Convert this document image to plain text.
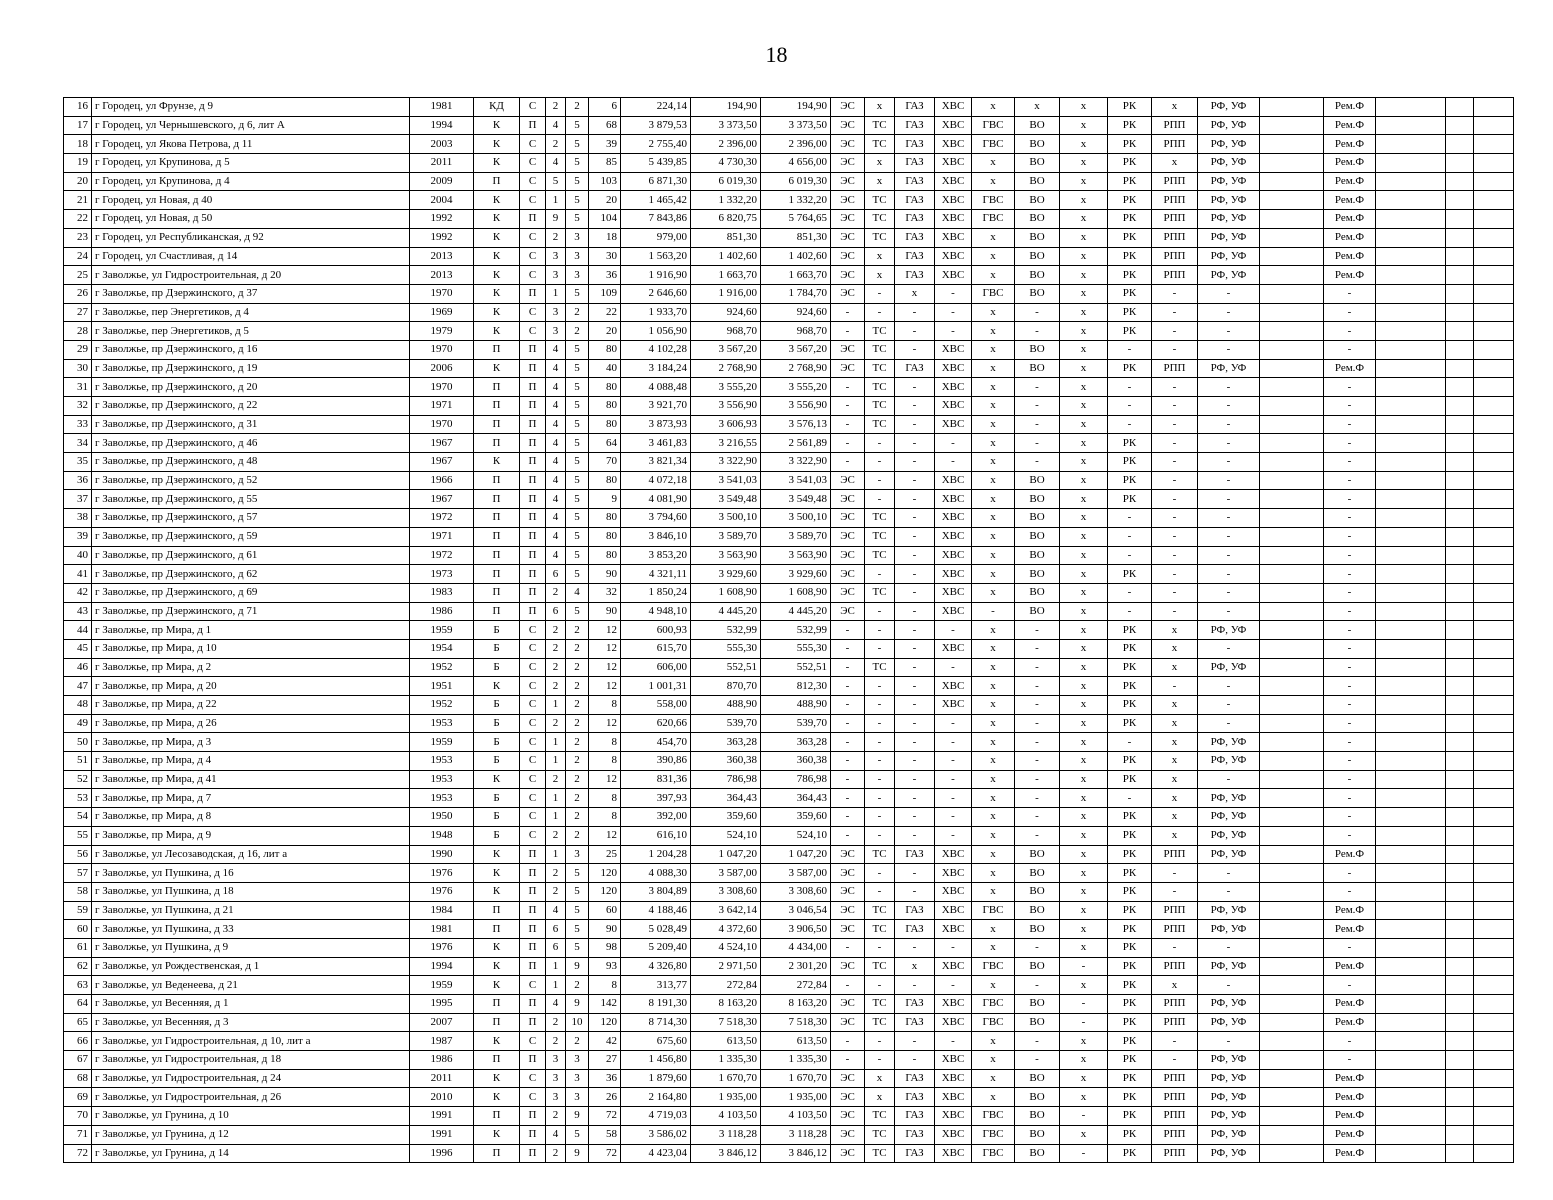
18
16	г Городец, ул Фрунзе, д 9	1981	КД	С	2	2	6	224,14	194,90	194,90	ЭС	х	ГАЗ	ХВС	х	х	х	РК	х	РФ, УФ		Рем.Ф			
17	г Городец, ул Чернышевского, д 6, лит А	1994	К	П	4	5	68	3 879,53	3 373,50	3 373,50	ЭС	ТС	ГАЗ	ХВС	ГВС	ВО	х	РК	РПП	РФ, УФ		Рем.Ф			
18	г Городец, ул Якова Петрова, д 11	2003	К	С	2	5	39	2 755,40	2 396,00	2 396,00	ЭС	ТС	ГАЗ	ХВС	ГВС	ВО	х	РК	РПП	РФ, УФ		Рем.Ф			
19	г Городец, ул Крупинова, д 5	2011	К	С	4	5	85	5 439,85	4 730,30	4 656,00	ЭС	х	ГАЗ	ХВС	х	ВО	х	РК	х	РФ, УФ		Рем.Ф			
20	г Городец, ул Крупинова, д 4	2009	П	С	5	5	103	6 871,30	6 019,30	6 019,30	ЭС	х	ГАЗ	ХВС	х	ВО	х	РК	РПП	РФ, УФ		Рем.Ф			
21	г Городец, ул Новая, д 40	2004	К	С	1	5	20	1 465,42	1 332,20	1 332,20	ЭС	ТС	ГАЗ	ХВС	ГВС	ВО	х	РК	РПП	РФ, УФ		Рем.Ф			
22	г Городец, ул Новая, д 50	1992	К	П	9	5	104	7 843,86	6 820,75	5 764,65	ЭС	ТС	ГАЗ	ХВС	ГВС	ВО	х	РК	РПП	РФ, УФ		Рем.Ф			
23	г Городец, ул Республиканская, д 92	1992	К	С	2	3	18	979,00	851,30	851,30	ЭС	ТС	ГАЗ	ХВС	х	ВО	х	РК	РПП	РФ, УФ		Рем.Ф			
24	г Городец, ул Счастливая, д 14	2013	К	С	3	3	30	1 563,20	1 402,60	1 402,60	ЭС	х	ГАЗ	ХВС	х	ВО	х	РК	РПП	РФ, УФ		Рем.Ф			
25	г Заволжье, ул Гидростроительная, д 20	2013	К	С	3	3	36	1 916,90	1 663,70	1 663,70	ЭС	х	ГАЗ	ХВС	х	ВО	х	РК	РПП	РФ, УФ		Рем.Ф			
26	г Заволжье, пр Дзержинского, д 37	1970	К	П	1	5	109	2 646,60	1 916,00	1 784,70	ЭС	-	х	-	ГВС	ВО	х	РК	-	-		-			
27	г Заволжье, пер Энергетиков, д 4	1969	К	С	3	2	22	1 933,70	924,60	924,60	-	-	-	-	х	-	х	РК	-	-		-			
28	г Заволжье, пер Энергетиков, д 5	1979	К	С	3	2	20	1 056,90	968,70	968,70	-	ТС	-	-	х	-	х	РК	-	-		-			
29	г Заволжье, пр Дзержинского, д 16	1970	П	П	4	5	80	4 102,28	3 567,20	3 567,20	ЭС	ТС	-	ХВС	х	ВО	х	-	-	-		-			
30	г Заволжье, пр Дзержинского, д 19	2006	К	П	4	5	40	3 184,24	2 768,90	2 768,90	ЭС	ТС	ГАЗ	ХВС	х	ВО	х	РК	РПП	РФ, УФ		Рем.Ф			
31	г Заволжье, пр Дзержинского, д 20	1970	П	П	4	5	80	4 088,48	3 555,20	3 555,20	-	ТС	-	ХВС	х	-	х	-	-	-		-			
32	г Заволжье, пр Дзержинского, д 22	1971	П	П	4	5	80	3 921,70	3 556,90	3 556,90	-	ТС	-	ХВС	х	-	х	-	-	-		-			
33	г Заволжье, пр Дзержинского, д 31	1970	П	П	4	5	80	3 873,93	3 606,93	3 576,13	-	ТС	-	ХВС	х	-	х	-	-	-		-			
34	г Заволжье, пр Дзержинского, д 46	1967	П	П	4	5	64	3 461,83	3 216,55	2 561,89	-	-	-	-	х	-	х	РК	-	-		-			
35	г Заволжье, пр Дзержинского, д 48	1967	К	П	4	5	70	3 821,34	3 322,90	3 322,90	-	-	-	-	х	-	х	РК	-	-		-			
36	г Заволжье, пр Дзержинского, д 52	1966	П	П	4	5	80	4 072,18	3 541,03	3 541,03	ЭС	-	-	ХВС	х	ВО	х	РК	-	-		-			
37	г Заволжье, пр Дзержинского, д 55	1967	П	П	4	5	9	4 081,90	3 549,48	3 549,48	ЭС	-	-	ХВС	х	ВО	х	РК	-	-		-			
38	г Заволжье, пр Дзержинского, д 57	1972	П	П	4	5	80	3 794,60	3 500,10	3 500,10	ЭС	ТС	-	ХВС	х	ВО	х	-	-	-		-			
39	г Заволжье, пр Дзержинского, д 59	1971	П	П	4	5	80	3 846,10	3 589,70	3 589,70	ЭС	ТС	-	ХВС	х	ВО	х	-	-	-		-			
40	г Заволжье, пр Дзержинского, д 61	1972	П	П	4	5	80	3 853,20	3 563,90	3 563,90	ЭС	ТС	-	ХВС	х	ВО	х	-	-	-		-			
41	г Заволжье, пр Дзержинского, д 62	1973	П	П	6	5	90	4 321,11	3 929,60	3 929,60	ЭС	-	-	ХВС	х	ВО	х	РК	-	-		-			
42	г Заволжье, пр Дзержинского, д 69	1983	П	П	2	4	32	1 850,24	1 608,90	1 608,90	ЭС	ТС	-	ХВС	х	ВО	х	-	-	-		-			
43	г Заволжье, пр Дзержинского, д 71	1986	П	П	6	5	90	4 948,10	4 445,20	4 445,20	ЭС	-	-	ХВС	-	ВО	х	-	-	-		-			
44	г Заволжье, пр Мира, д 1	1959	Б	С	2	2	12	600,93	532,99	532,99	-	-	-	-	х	-	х	РК	х	РФ, УФ		-			
45	г Заволжье, пр Мира, д 10	1954	Б	С	2	2	12	615,70	555,30	555,30	-	-	-	ХВС	х	-	х	РК	х	-		-			
46	г Заволжье, пр Мира, д 2	1952	Б	С	2	2	12	606,00	552,51	552,51	-	ТС	-	-	х	-	х	РК	х	РФ, УФ		-			
47	г Заволжье, пр Мира, д 20	1951	К	С	2	2	12	1 001,31	870,70	812,30	-	-	-	ХВС	х	-	х	РК	-	-		-			
48	г Заволжье, пр Мира, д 22	1952	Б	С	1	2	8	558,00	488,90	488,90	-	-	-	ХВС	х	-	х	РК	х	-		-			
49	г Заволжье, пр Мира, д 26	1953	Б	С	2	2	12	620,66	539,70	539,70	-	-	-	-	х	-	х	РК	х	-		-			
50	г Заволжье, пр Мира, д 3	1959	Б	С	1	2	8	454,70	363,28	363,28	-	-	-	-	х	-	х	-	х	РФ, УФ		-			
51	г Заволжье, пр Мира, д 4	1953	Б	С	1	2	8	390,86	360,38	360,38	-	-	-	-	х	-	х	РК	х	РФ, УФ		-			
52	г Заволжье, пр Мира, д 41	1953	К	С	2	2	12	831,36	786,98	786,98	-	-	-	-	х	-	х	РК	х	-		-			
53	г Заволжье, пр Мира, д 7	1953	Б	С	1	2	8	397,93	364,43	364,43	-	-	-	-	х	-	х	-	х	РФ, УФ		-			
54	г Заволжье, пр Мира, д 8	1950	Б	С	1	2	8	392,00	359,60	359,60	-	-	-	-	х	-	х	РК	х	РФ, УФ		-			
55	г Заволжье, пр Мира, д 9	1948	Б	С	2	2	12	616,10	524,10	524,10	-	-	-	-	х	-	х	РК	х	РФ, УФ		-			
56	г Заволжье, ул Лесозаводская, д 16, лит а	1990	К	П	1	3	25	1 204,28	1 047,20	1 047,20	ЭС	ТС	ГАЗ	ХВС	х	ВО	х	РК	РПП	РФ, УФ		Рем.Ф			
57	г Заволжье, ул Пушкина, д 16	1976	К	П	2	5	120	4 088,30	3 587,00	3 587,00	ЭС	-	-	ХВС	х	ВО	х	РК	-	-		-			
58	г Заволжье, ул Пушкина, д 18	1976	К	П	2	5	120	3 804,89	3 308,60	3 308,60	ЭС	-	-	ХВС	х	ВО	х	РК	-	-		-			
59	г Заволжье, ул Пушкина, д 21	1984	П	П	4	5	60	4 188,46	3 642,14	3 046,54	ЭС	ТС	ГАЗ	ХВС	ГВС	ВО	х	РК	РПП	РФ, УФ		Рем.Ф			
60	г Заволжье, ул Пушкина, д 33	1981	П	П	6	5	90	5 028,49	4 372,60	3 906,50	ЭС	ТС	ГАЗ	ХВС	х	ВО	х	РК	РПП	РФ, УФ		Рем.Ф			
61	г Заволжье, ул Пушкина, д 9	1976	К	П	6	5	98	5 209,40	4 524,10	4 434,00	-	-	-	-	х	-	х	РК	-	-		-			
62	г Заволжье, ул Рождественская, д 1	1994	К	П	1	9	93	4 326,80	2 971,50	2 301,20	ЭС	ТС	х	ХВС	ГВС	ВО	-	РК	РПП	РФ, УФ		Рем.Ф			
63	г Заволжье, ул Веденеева, д 21	1959	К	С	1	2	8	313,77	272,84	272,84	-	-	-	-	х	-	х	РК	х	-		-			
64	г Заволжье, ул Весенняя, д 1	1995	П	П	4	9	142	8 191,30	8 163,20	8 163,20	ЭС	ТС	ГАЗ	ХВС	ГВС	ВО	-	РК	РПП	РФ, УФ		Рем.Ф			
65	г Заволжье, ул Весенняя, д 3	2007	П	П	2	10	120	8 714,30	7 518,30	7 518,30	ЭС	ТС	ГАЗ	ХВС	ГВС	ВО	-	РК	РПП	РФ, УФ		Рем.Ф			
66	г Заволжье, ул Гидростроительная, д 10, лит а	1987	К	С	2	2	42	675,60	613,50	613,50	-	-	-	-	х	-	х	РК	-	-		-			
67	г Заволжье, ул Гидростроительная, д 18	1986	П	П	3	3	27	1 456,80	1 335,30	1 335,30	-	-	-	ХВС	х	-	х	РК	-	РФ, УФ		-			
68	г Заволжье, ул Гидростроительная, д 24	2011	К	С	3	3	36	1 879,60	1 670,70	1 670,70	ЭС	х	ГАЗ	ХВС	х	ВО	х	РК	РПП	РФ, УФ		Рем.Ф			
69	г Заволжье, ул Гидростроительная, д 26	2010	К	С	3	3	26	2 164,80	1 935,00	1 935,00	ЭС	х	ГАЗ	ХВС	х	ВО	х	РК	РПП	РФ, УФ		Рем.Ф			
70	г Заволжье, ул Грунина, д 10	1991	П	П	2	9	72	4 719,03	4 103,50	4 103,50	ЭС	ТС	ГАЗ	ХВС	ГВС	ВО	-	РК	РПП	РФ, УФ		Рем.Ф			
71	г Заволжье, ул Грунина, д 12	1991	К	П	4	5	58	3 586,02	3 118,28	3 118,28	ЭС	ТС	ГАЗ	ХВС	ГВС	ВО	х	РК	РПП	РФ, УФ		Рем.Ф			
72	г Заволжье, ул Грунина, д 14	1996	П	П	2	9	72	4 423,04	3 846,12	3 846,12	ЭС	ТС	ГАЗ	ХВС	ГВС	ВО	-	РК	РПП	РФ, УФ		Рем.Ф			
